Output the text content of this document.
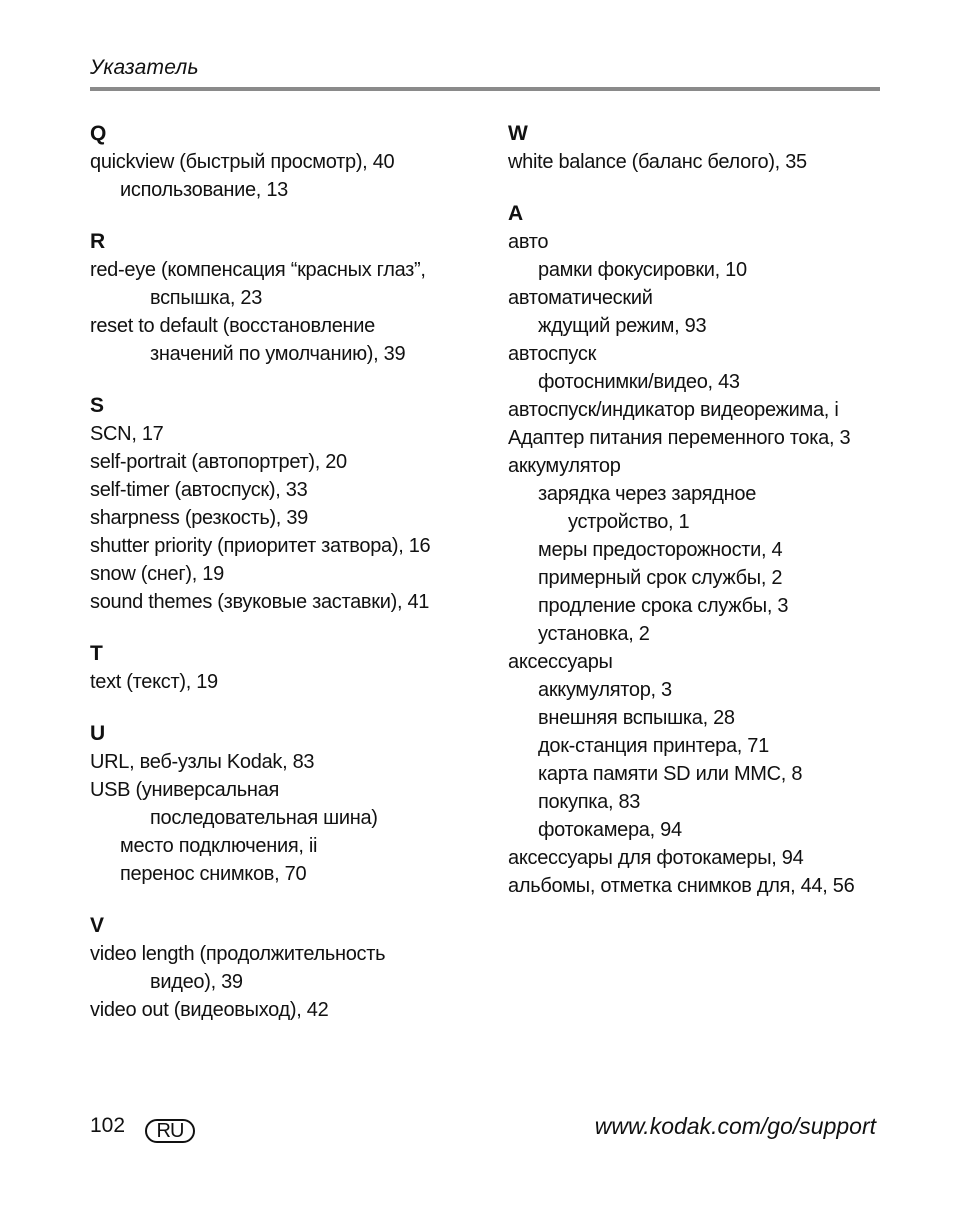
Указатель
Q
quickview (быстрый просмотр), 40
использование, 13
R
red-eye (компенсация “красных глаз”,
вспышка, 23
reset to default (восстановление
значений по умолчанию), 39
S
SCN, 17
self-portrait (автопортрет), 20
self-timer (автоспуск), 33
sharpness (резкость), 39
shutter priority (приоритет затвора), 16
snow (снег), 19
sound themes (звуковые заставки), 41
T
text (текст), 19
U
URL, веб-узлы Kodak, 83
USB (универсальная
последовательная шина)
место подключения, ii
перенос снимков, 70
V
video length (продолжительность
видео), 39
video out (видеовыход), 42
W
white balance (баланс белого), 35
A
авто
рамки фокусировки, 10
автоматический
ждущий режим, 93
автоспуск
фотоснимки/видео, 43
автоспуск/индикатор видеорежима, i
Адаптер питания переменного тока, 3
аккумулятор
зарядка через зарядное
устройство, 1
меры предосторожности, 4
примерный срок службы, 2
продление срока службы, 3
установка, 2
аксессуары
аккумулятор, 3
внешняя вспышка, 28
док-станция принтера, 71
карта памяти SD или MMC, 8
покупка, 83
фотокамера, 94
аксессуары для фотокамеры, 94
альбомы, отметка снимков для, 44, 56
102	RU	www.kodak.com/go/support
